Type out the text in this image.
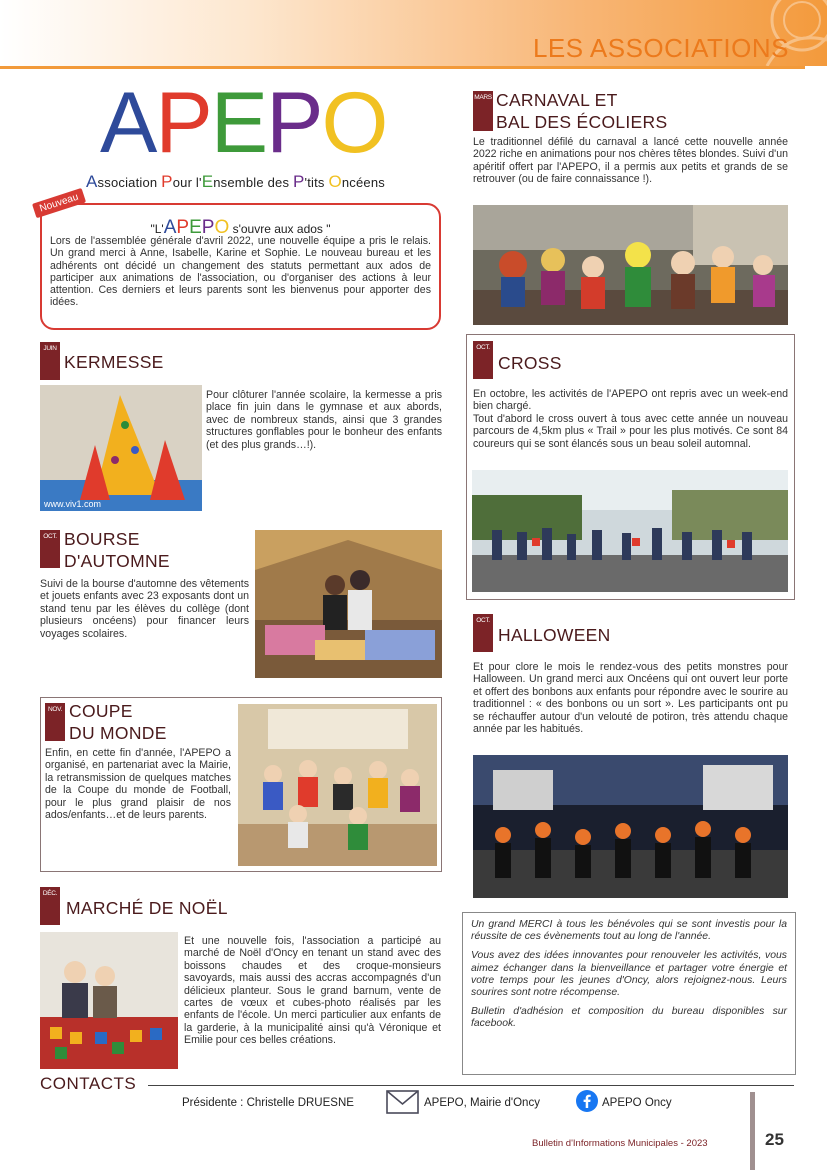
LES ASSOCIATIONS
APEPO
Association Pour l'Ensemble des P'tits Oncéens
"L'APEPO s'ouvre aux ados "
Lors de l'assemblée générale d'avril 2022, une nouvelle équipe a pris le relais. Un grand merci à Anne, Isabelle, Karine et Sophie. Le nouveau bureau et les adhérents ont décidé un changement des statuts permettant aux ados de participer aux animations de l'association, ou d'organiser des actions à leur attention. Ces derniers et leurs parents sont les bienvenus pour apporter des idées.
Nouveau
MARS CARNAVAL ET
BAL DES ÉCOLIERS
Le traditionnel défilé du carnaval a lancé cette nouvelle année 2022 riche en animations pour nos chères têtes blondes. Suivi d'un apéritif offert par l'APEPO, il a permis aux petits et grands de se retrouver (ou de faire connaissance !).
JUIN
KERMESSE
www.viv1.com
Pour clôturer l'année scolaire, la kermesse a pris place fin juin dans le gymnase et aux abords, avec de nombreux stands, ainsi que 3 grandes structures gonflables pour le bonheur des enfants (et des plus grands…!).
OCT.
CROSS
En octobre, les activités de l'APEPO ont repris avec un week-end bien chargé.
Tout d'abord le cross ouvert à tous avec cette année un nouveau parcours de 4,5km plus « Trail » pour les plus motivés. Ce sont 84 coureurs qui se sont élancés sous un beau soleil automnal.
OCT. BOURSE
D'AUTOMNE
Suivi de la bourse d'automne des vêtements et jouets enfants avec 23 exposants dont un stand tenu par les élèves du collège (dont plusieurs oncéens) pour financer leurs voyages scolaires.
OCT.
HALLOWEEN
Et pour clore le mois le rendez-vous des petits monstres pour Halloween. Un grand merci aux Oncéens qui ont ouvert leur porte et offert des bonbons aux enfants pour répondre avec le sourire au traditionnel : « des bonbons ou un sort ». Les participants ont pu se réchauffer autour d'un velouté de potiron, très attendu chaque année par les habitués.
NOV. COUPE
DU MONDE
Enfin, en cette fin d'année, l'APEPO a organisé, en partenariat avec la Mairie, la retransmission de quelques matches de la Coupe du monde de Football, pour le plus grand plaisir de nos ados/enfants…et de leurs parents.
DÉC.
MARCHÉ DE NOËL
Et une nouvelle fois, l'association a participé au marché de Noël d'Oncy en tenant un stand avec des boissons chaudes et des croque-monsieurs savoyards, mais aussi des accras accompagnés d'un délicieux planteur. Sous le grand barnum, vente de cartes de vœux et cubes-photo réalisés par les enfants de l'école. Un merci particulier aux enfants de la garderie, à la municipalité ainsi qu'à Véronique et Emilie pour ces belles créations.

Un grand MERCI à tous les bénévoles qui se sont investis pour la réussite de ces évènements tout au long de l'année.

Vous avez des idées innovantes pour renouveler les activités, vous aimez échanger dans la bienveillance et partager votre énergie et votre temps pour les jeunes d'Oncy, alors rejoignez-nous. Leurs sourires sont notre récompense.

Bulletin d'adhésion et composition du bureau disponibles sur facebook.

CONTACTS
Présidente : Christelle DRUESNE	APEPO, Mairie d'Oncy	APEPO Oncy
Bulletin d'Informations Municipales - 2023	25
